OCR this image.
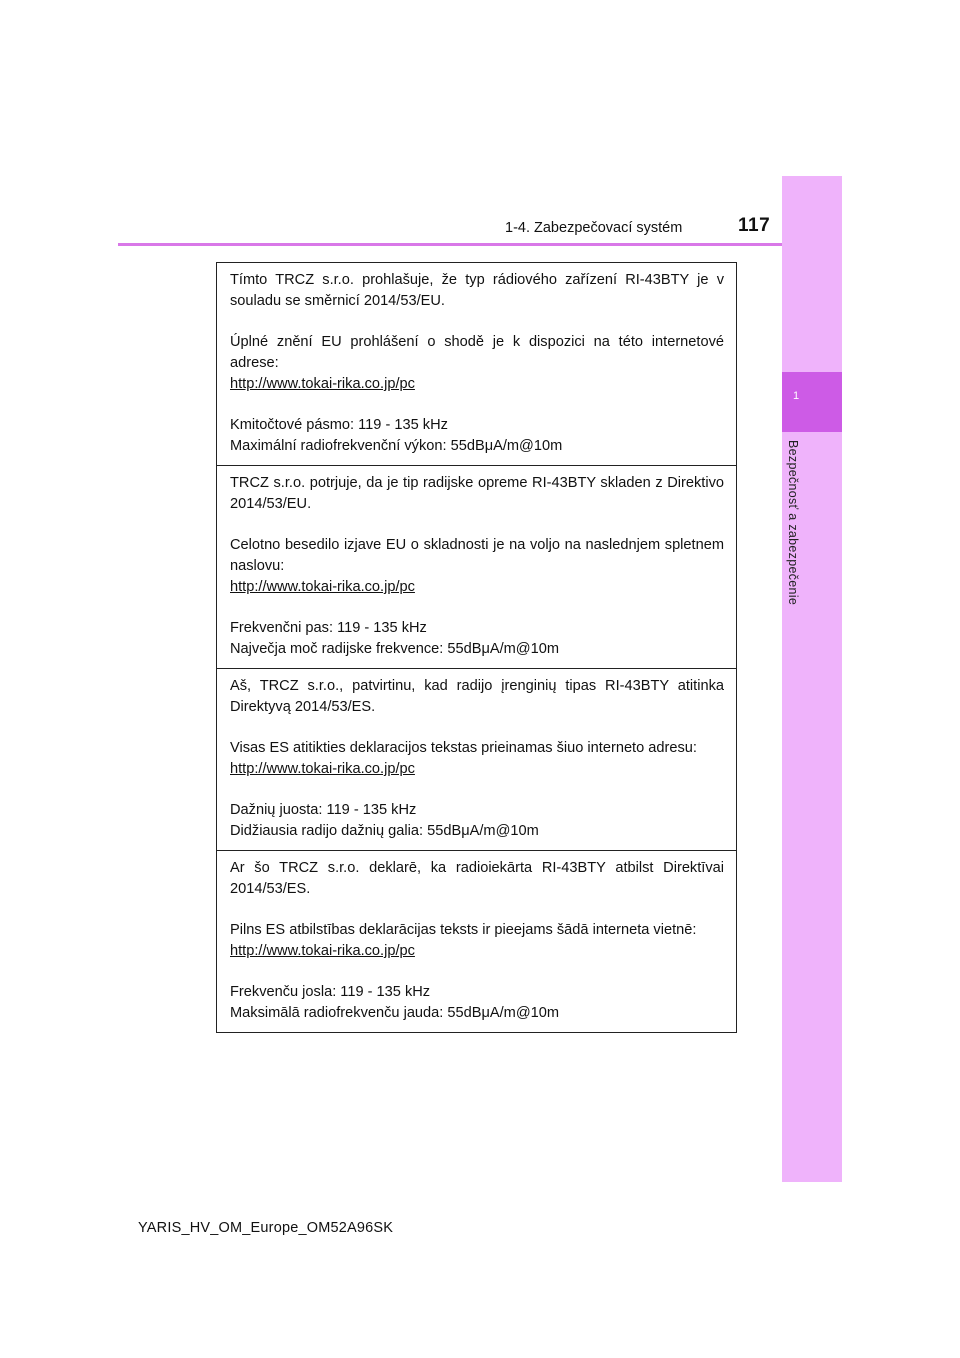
1-4. Zabezpečovací systém	117
1
Bezpečnosť a zabezpečenie

Tímto TRCZ s.r.o. prohlašuje, že typ rádiového zařízení RI-43BTY je v souladu se směrnicí 2014/53/EU.

Úplné znění EU prohlášení o shodě je k dispozici na této internetové adrese:

http://www.tokai-rika.co.jp/pc

Kmitočtové pásmo: 119 - 135 kHz

Maximální radiofrekvenční výkon: 55dBμA/m@10m

TRCZ s.r.o. potrjuje, da je tip radijske opreme RI-43BTY skladen z Direktivo 2014/53/EU.

Celotno besedilo izjave EU o skladnosti je na voljo na naslednjem spletnem naslovu:

http://www.tokai-rika.co.jp/pc

Frekvenčni pas: 119 - 135 kHz

Največja moč radijske frekvence: 55dBμA/m@10m

Aš, TRCZ s.r.o., patvirtinu, kad radijo įrenginių tipas RI-43BTY atitinka Direktyvą 2014/53/ES.

Visas ES atitikties deklaracijos tekstas prieinamas šiuo interneto adresu:

http://www.tokai-rika.co.jp/pc

Dažnių juosta: 119 - 135 kHz

Didžiausia radijo dažnių galia: 55dBμA/m@10m

Ar šo TRCZ s.r.o. deklarē, ka radioiekārta RI-43BTY atbilst Direktīvai 2014/53/ES.

Pilns ES atbilstības deklarācijas teksts ir pieejams šādā interneta vietnē:

http://www.tokai-rika.co.jp/pc

Frekvenču josla: 119 - 135 kHz

Maksimālā radiofrekvenču jauda: 55dBμA/m@10m

YARIS_HV_OM_Europe_OM52A96SK
